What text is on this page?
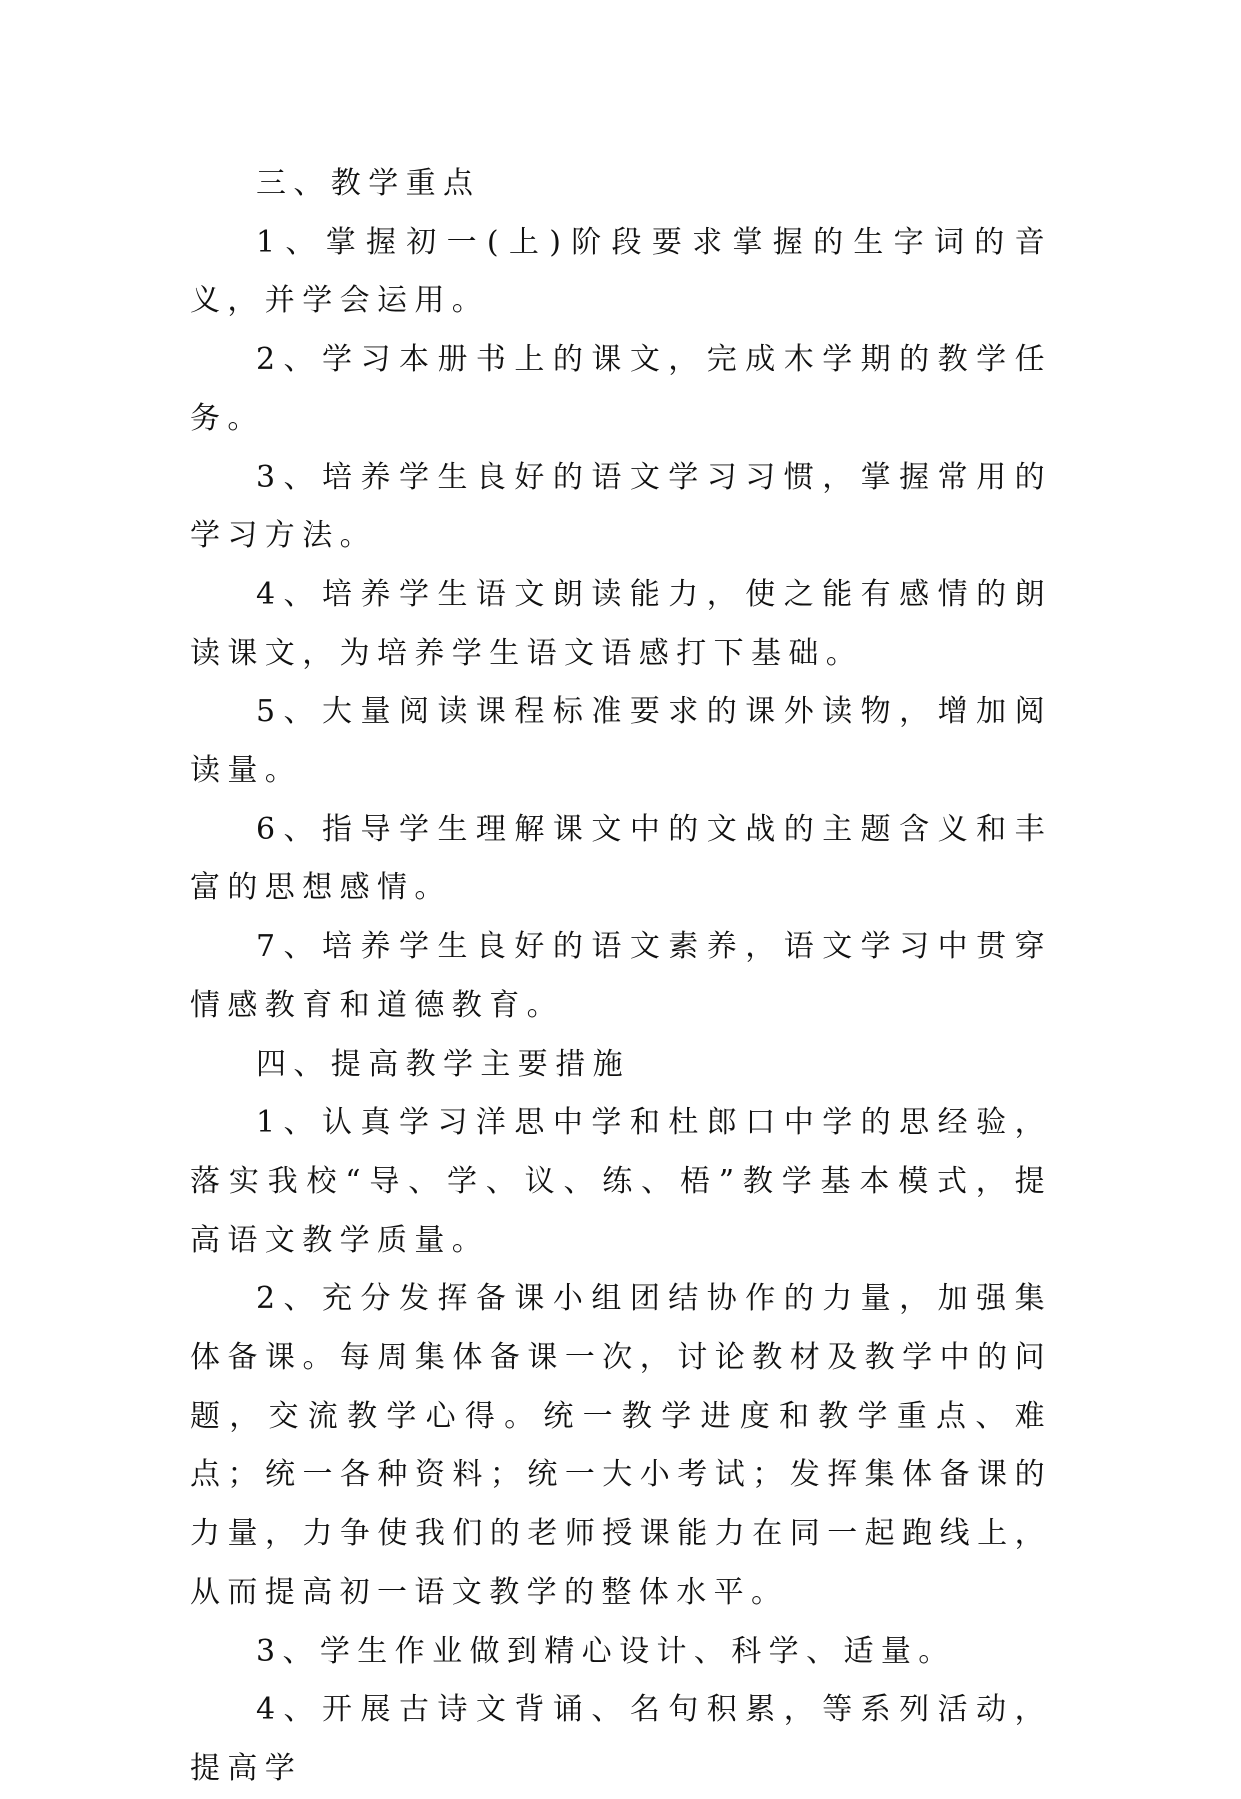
三、教学重点

1、掌握初一(上)阶段要求掌握的生字词的音义，并学会运用。

2、学习本册书上的课文，完成木学期的教学任务。

3、培养学生良好的语文学习习惯，掌握常用的学习方法。

4、培养学生语文朗读能力，使之能有感情的朗读课文，为培养学生语文语感打下基础。

5、大量阅读课程标准要求的课外读物，增加阅读量。

6、指导学生理解课文中的文战的主题含义和丰富的思想感情。

7、培养学生良好的语文素养，语文学习中贯穿情感教育和道德教育。

四、提高教学主要措施

1、认真学习洋思中学和杜郎口中学的思经验，落实我校“导、学、议、练、梧”教学基本模式，提高语文教学质量。

2、充分发挥备课小组团结协作的力量，加强集体备课。每周集体备课一次，讨论教材及教学中的问题，交流教学心得。统一教学进度和教学重点、难点；统一各种资料；统一大小考试；发挥集体备课的力量，力争使我们的老师授课能力在同一起跑线上，从而提高初一语文教学的整体水平。

3、学生作业做到精心设计、科学、适量。

4、开展古诗文背诵、名句积累，等系列活动，提高学
